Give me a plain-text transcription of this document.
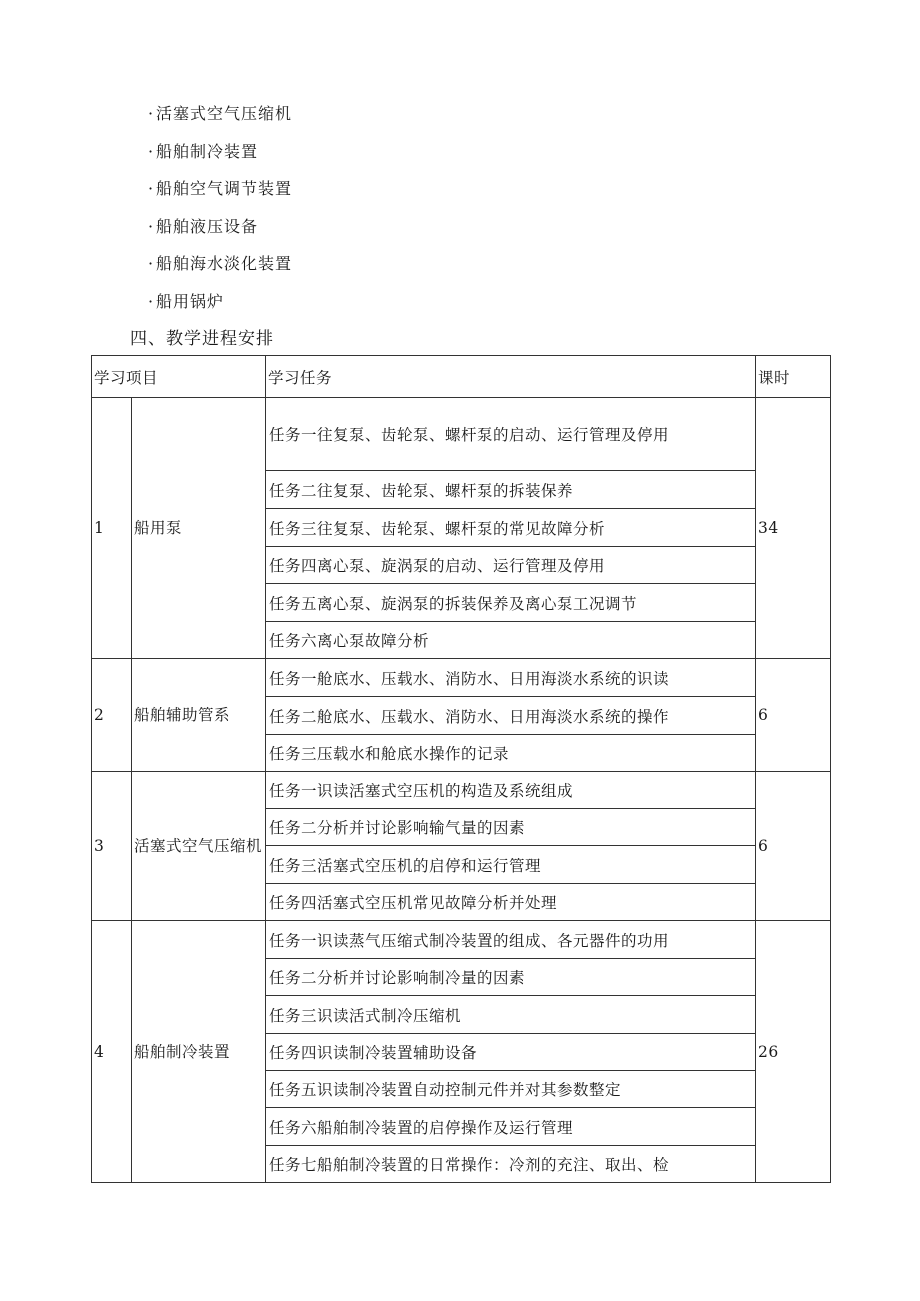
· 活塞式空气压缩机
· 船舶制冷装置
· 船舶空气调节装置
· 船舶液压设备
· 船舶海水淡化装置
· 船用锅炉
四、教学进程安排
学习项目		学习任务	课时
1	船用泵	任务一往复泵、齿轮泵、螺杆泵的启动、运行管理及停用	34
		任务二往复泵、齿轮泵、螺杆泵的拆装保养	
		任务三往复泵、齿轮泵、螺杆泵的常见故障分析	
		任务四离心泵、旋涡泵的启动、运行管理及停用	
		任务五离心泵、旋涡泵的拆装保养及离心泵工况调节	
		任务六离心泵故障分析	
2	船舶辅助管系	任务一舱底水、压载水、消防水、日用海淡水系统的识读	6
		任务二舱底水、压载水、消防水、日用海淡水系统的操作	
		任务三压载水和舱底水操作的记录	
3	活塞式空气压缩机	任务一识读活塞式空压机的构造及系统组成	6
		任务二分析并讨论影响输气量的因素	
		任务三活塞式空压机的启停和运行管理	
		任务四活塞式空压机常见故障分析并处理	
4	船舶制冷装置	任务一识读蒸气压缩式制冷装置的组成、各元器件的功用	26
		任务二分析并讨论影响制冷量的因素	
		任务三识读活式制冷压缩机	
		任务四识读制冷装置辅助设备	
		任务五识读制冷装置自动控制元件并对其参数整定	
		任务六船舶制冷装置的启停操作及运行管理	
		任务七船舶制冷装置的日常操作：冷剂的充注、取出、检	
